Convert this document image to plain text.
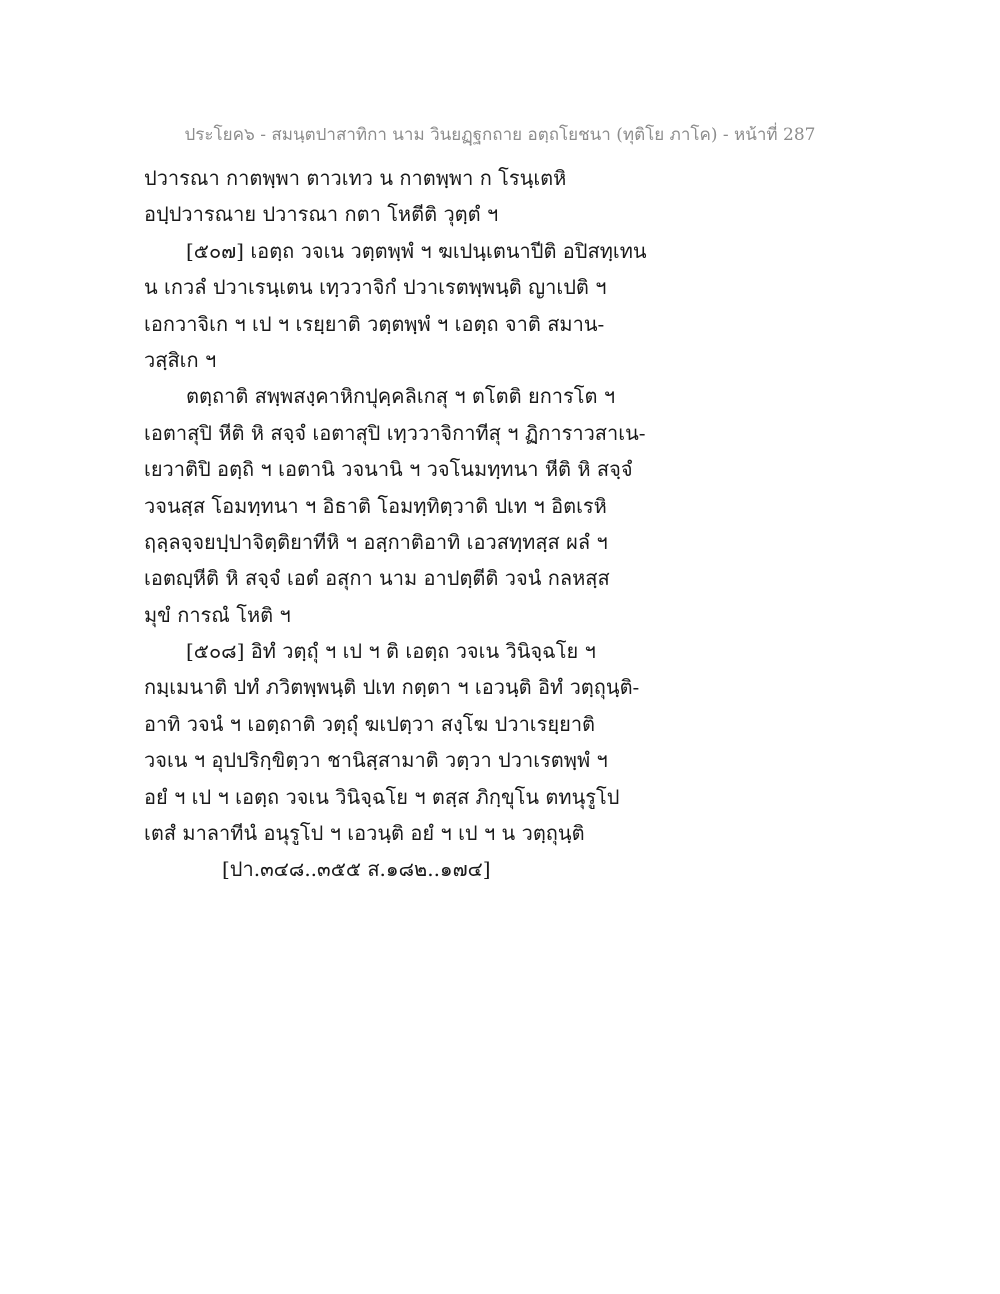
ประโยค๖ - สมนฺตปาสาทิกา นาม วินยฏฺฐกถาย อตฺถโยชนา (ทุติโย ภาโค) - หน้าที่ 287
ปวารณา กาตพฺพา ตาวเทว น กาตพฺพา ก โรนฺเตหิ
อปฺปวารณาย ปวารณา กตา โหตีติ วุตฺตํ ฯ
[๕๐๗] เอตฺถ วจเน วตฺตพฺพํ ฯ ฆเปนฺเตนาปีติ อปิสทฺเทน
น เกวลํ ปวาเรนฺเตน เทฺววาจิกํ ปวาเรตพฺพนฺติ ญาเปติ ฯ
เอกวาจิเก ฯ เป ฯ เรยฺยาติ วตฺตพฺพํ ฯ เอตฺถ จาติ สมาน-
วสฺสิเก ฯ
ตตฺถาติ สพฺพสงฺคาหิกปุคฺคลิเกสุ ฯ ตโตติ ยการโต ฯ
เอตาสุปิ หีติ หิ สจฺจํ เอตาสุปิ เทฺววาจิกาทีสุ ฯ ฏิการาวสาเน-
เยวาติปิ อตฺถิ ฯ เอตานิ วจนานิ ฯ วจโนมทฺทนา หีติ หิ สจฺจํ
วจนสฺส โอมทฺทนา ฯ อิธาติ โอมทฺทิตฺวาติ ปเท ฯ อิตเรหิ
ฤลฺลจฺจยปฺปาจิตฺติยาทีหิ ฯ อสฺกาติอาทิ เอวสทฺทสฺส ผลํ ฯ
เอตญฺหีติ หิ สจฺจํ เอตํ อสุกา นาม อาปตฺตีติ วจนํ กลหสฺส
มุขํ การณํ โหติ ฯ
[๕๐๘] อิทํ วตฺถุํ ฯ เป ฯ ติ เอตฺถ วจเน วินิจฺฉโย ฯ
กมฺเมนาติ ปทํ ภวิตพฺพนฺติ ปเท กตฺตา ฯ เอวนฺติ อิทํ วตฺถุนฺติ-
อาทิ วจนํ ฯ เอตฺถาติ วตฺถุํ ฆเปตฺวา สงฺโฆ ปวาเรยฺยาติ
วจเน ฯ อุปปริกฺขิตฺวา ชานิสฺสามาติ วตฺวา ปวาเรตพฺพํ ฯ
อยํ ฯ เป ฯ เอตฺถ วจเน วินิจฺฉโย ฯ ตสฺส ภิกฺขุโน ตทนุรูโป
เตสํ มาลาทีนํ อนุรูโป ฯ เอวนฺติ อยํ ฯ เป ฯ น วตฺถุนฺติ
[ปา.๓๔๘..๓๕๕ ส.๑๘๒..๑๗๔]
